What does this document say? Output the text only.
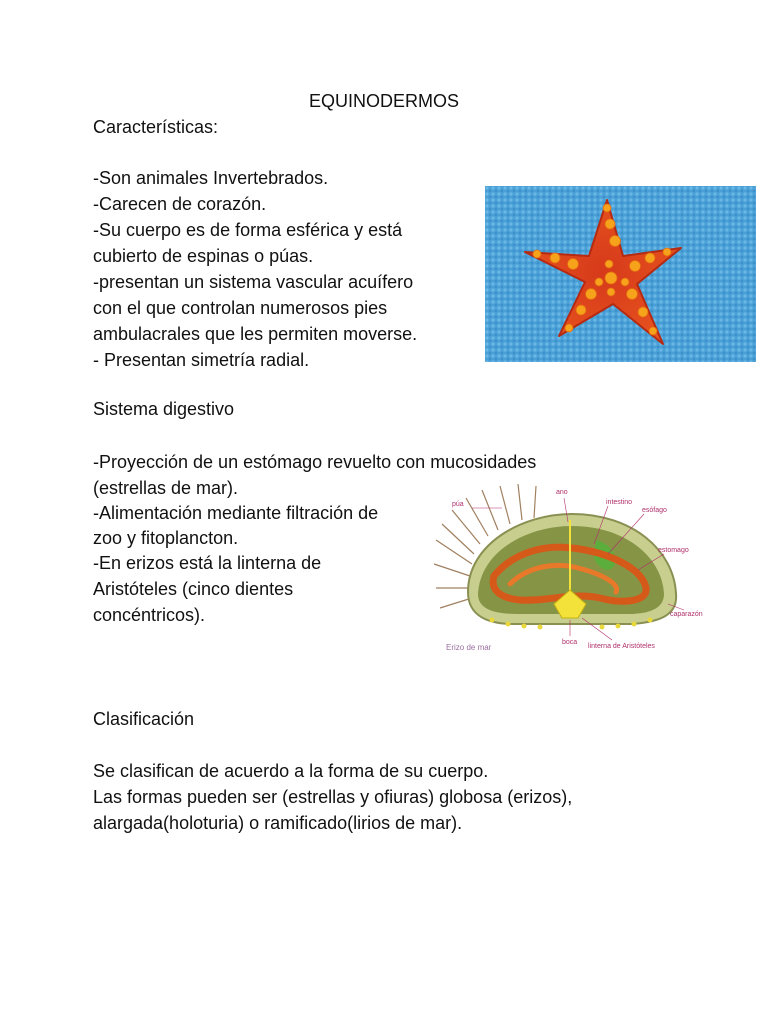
EQUINODERMOS
Características:
-Son animales Invertebrados.
-Carecen de corazón.
-Su cuerpo es de forma esférica y está
cubierto de espinas o púas.
-presentan un sistema vascular acuífero
con el que controlan numerosos pies
ambulacrales que les permiten moverse.
- Presentan simetría radial.
Sistema digestivo
-Proyección de un estómago revuelto con mucosidades
(estrellas de mar).
-Alimentación mediante filtración de
zoo y fitoplancton.
-En erizos está la linterna de
Aristóteles (cinco dientes
concéntricos).
púa
ano
intestino
esófago
estomago
caparazón
boca
linterna de Aristóteles
Erizo de mar
Clasificación
Se clasifican de acuerdo a la forma de su cuerpo.
Las formas pueden ser (estrellas y ofiuras) globosa (erizos),
alargada(holoturia) o ramificado(lirios de mar).
